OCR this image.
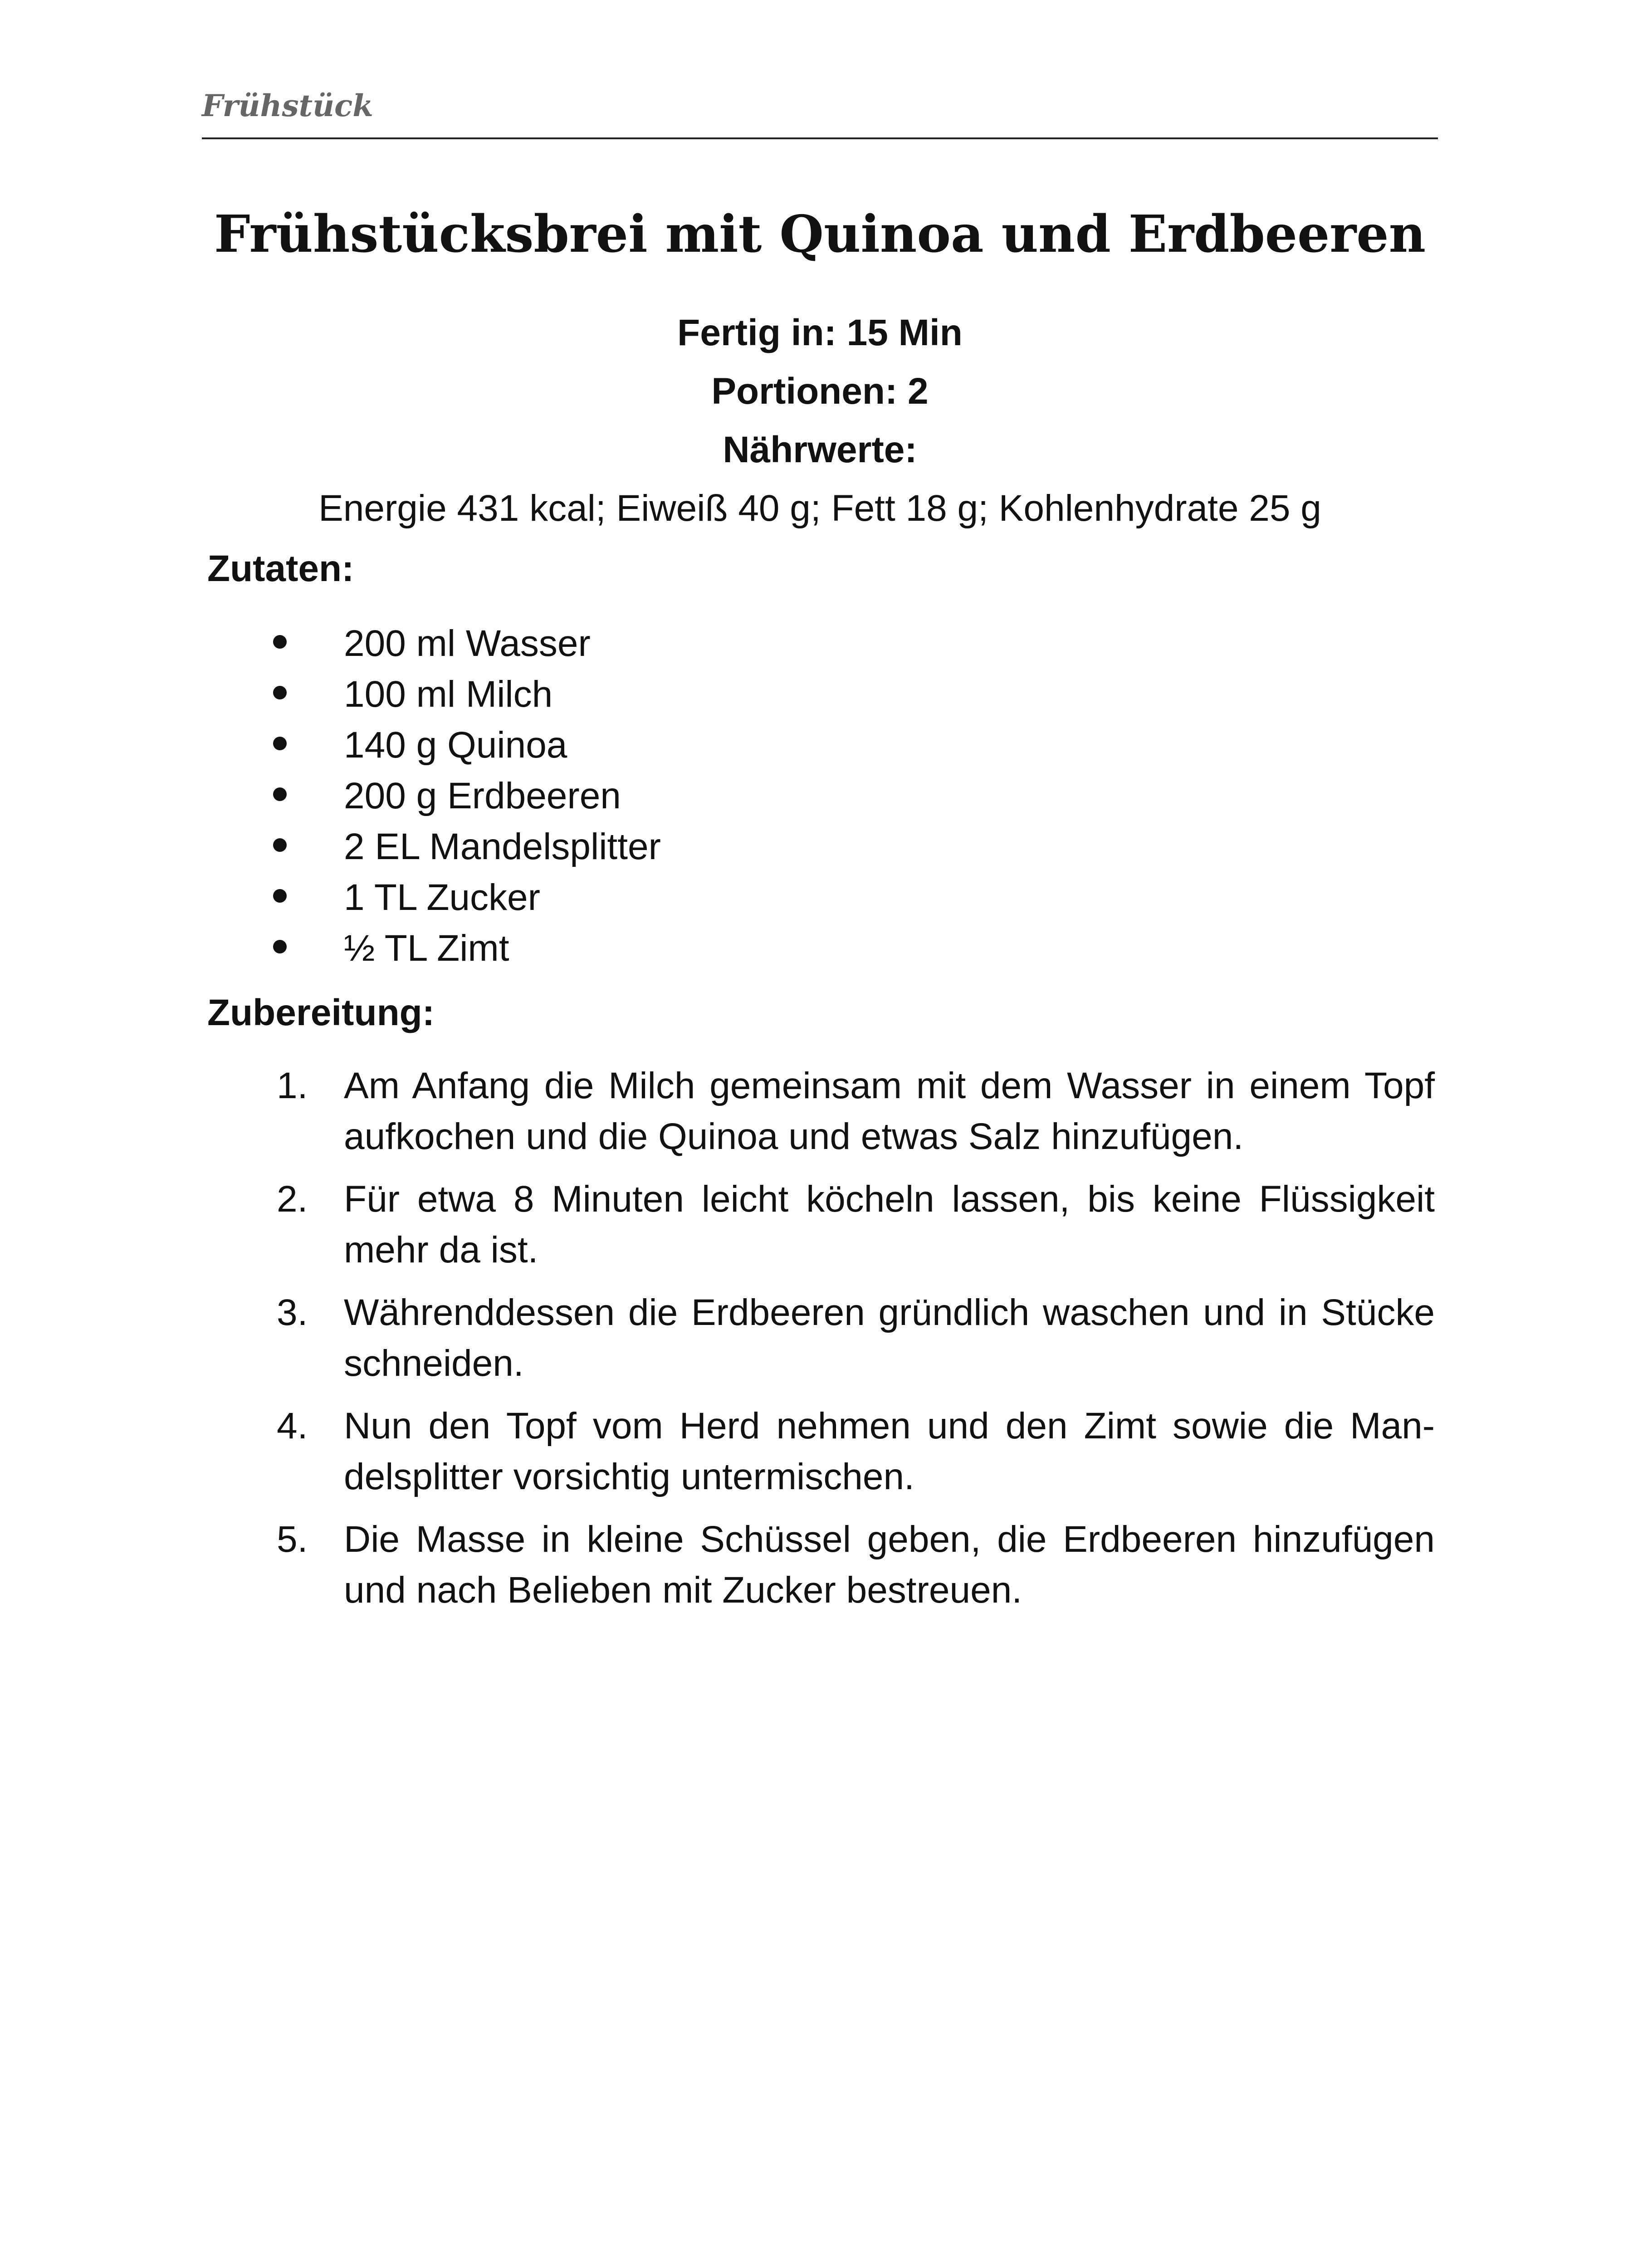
Frühstück
Frühstücksbrei mit Quinoa und Erdbeeren
Fertig in: 15 Min
Portionen: 2
Nährwerte:
Energie 431 kcal; Eiweiß 40 g; Fett 18 g; Kohlenhydrate 25 g
Zutaten:
200 ml Wasser
100 ml Milch
140 g Quinoa
200 g Erdbeeren
2 EL Mandelsplitter
1 TL Zucker
½ TL Zimt
Zubereitung:
1. Am Anfang die Milch gemeinsam mit dem Wasser in einem Topf aufkochen und die Quinoa und etwas Salz hinzufügen.
2. Für etwa 8 Minuten leicht köcheln lassen, bis keine Flüssigkeit mehr da ist.
3. Währenddessen die Erdbeeren gründlich waschen und in Stücke schneiden.
4. Nun den Topf vom Herd nehmen und den Zimt sowie die Man-delsplitter vorsichtig untermischen.
5. Die Masse in kleine Schüssel geben, die Erdbeeren hinzufügen und nach Belieben mit Zucker bestreuen.
